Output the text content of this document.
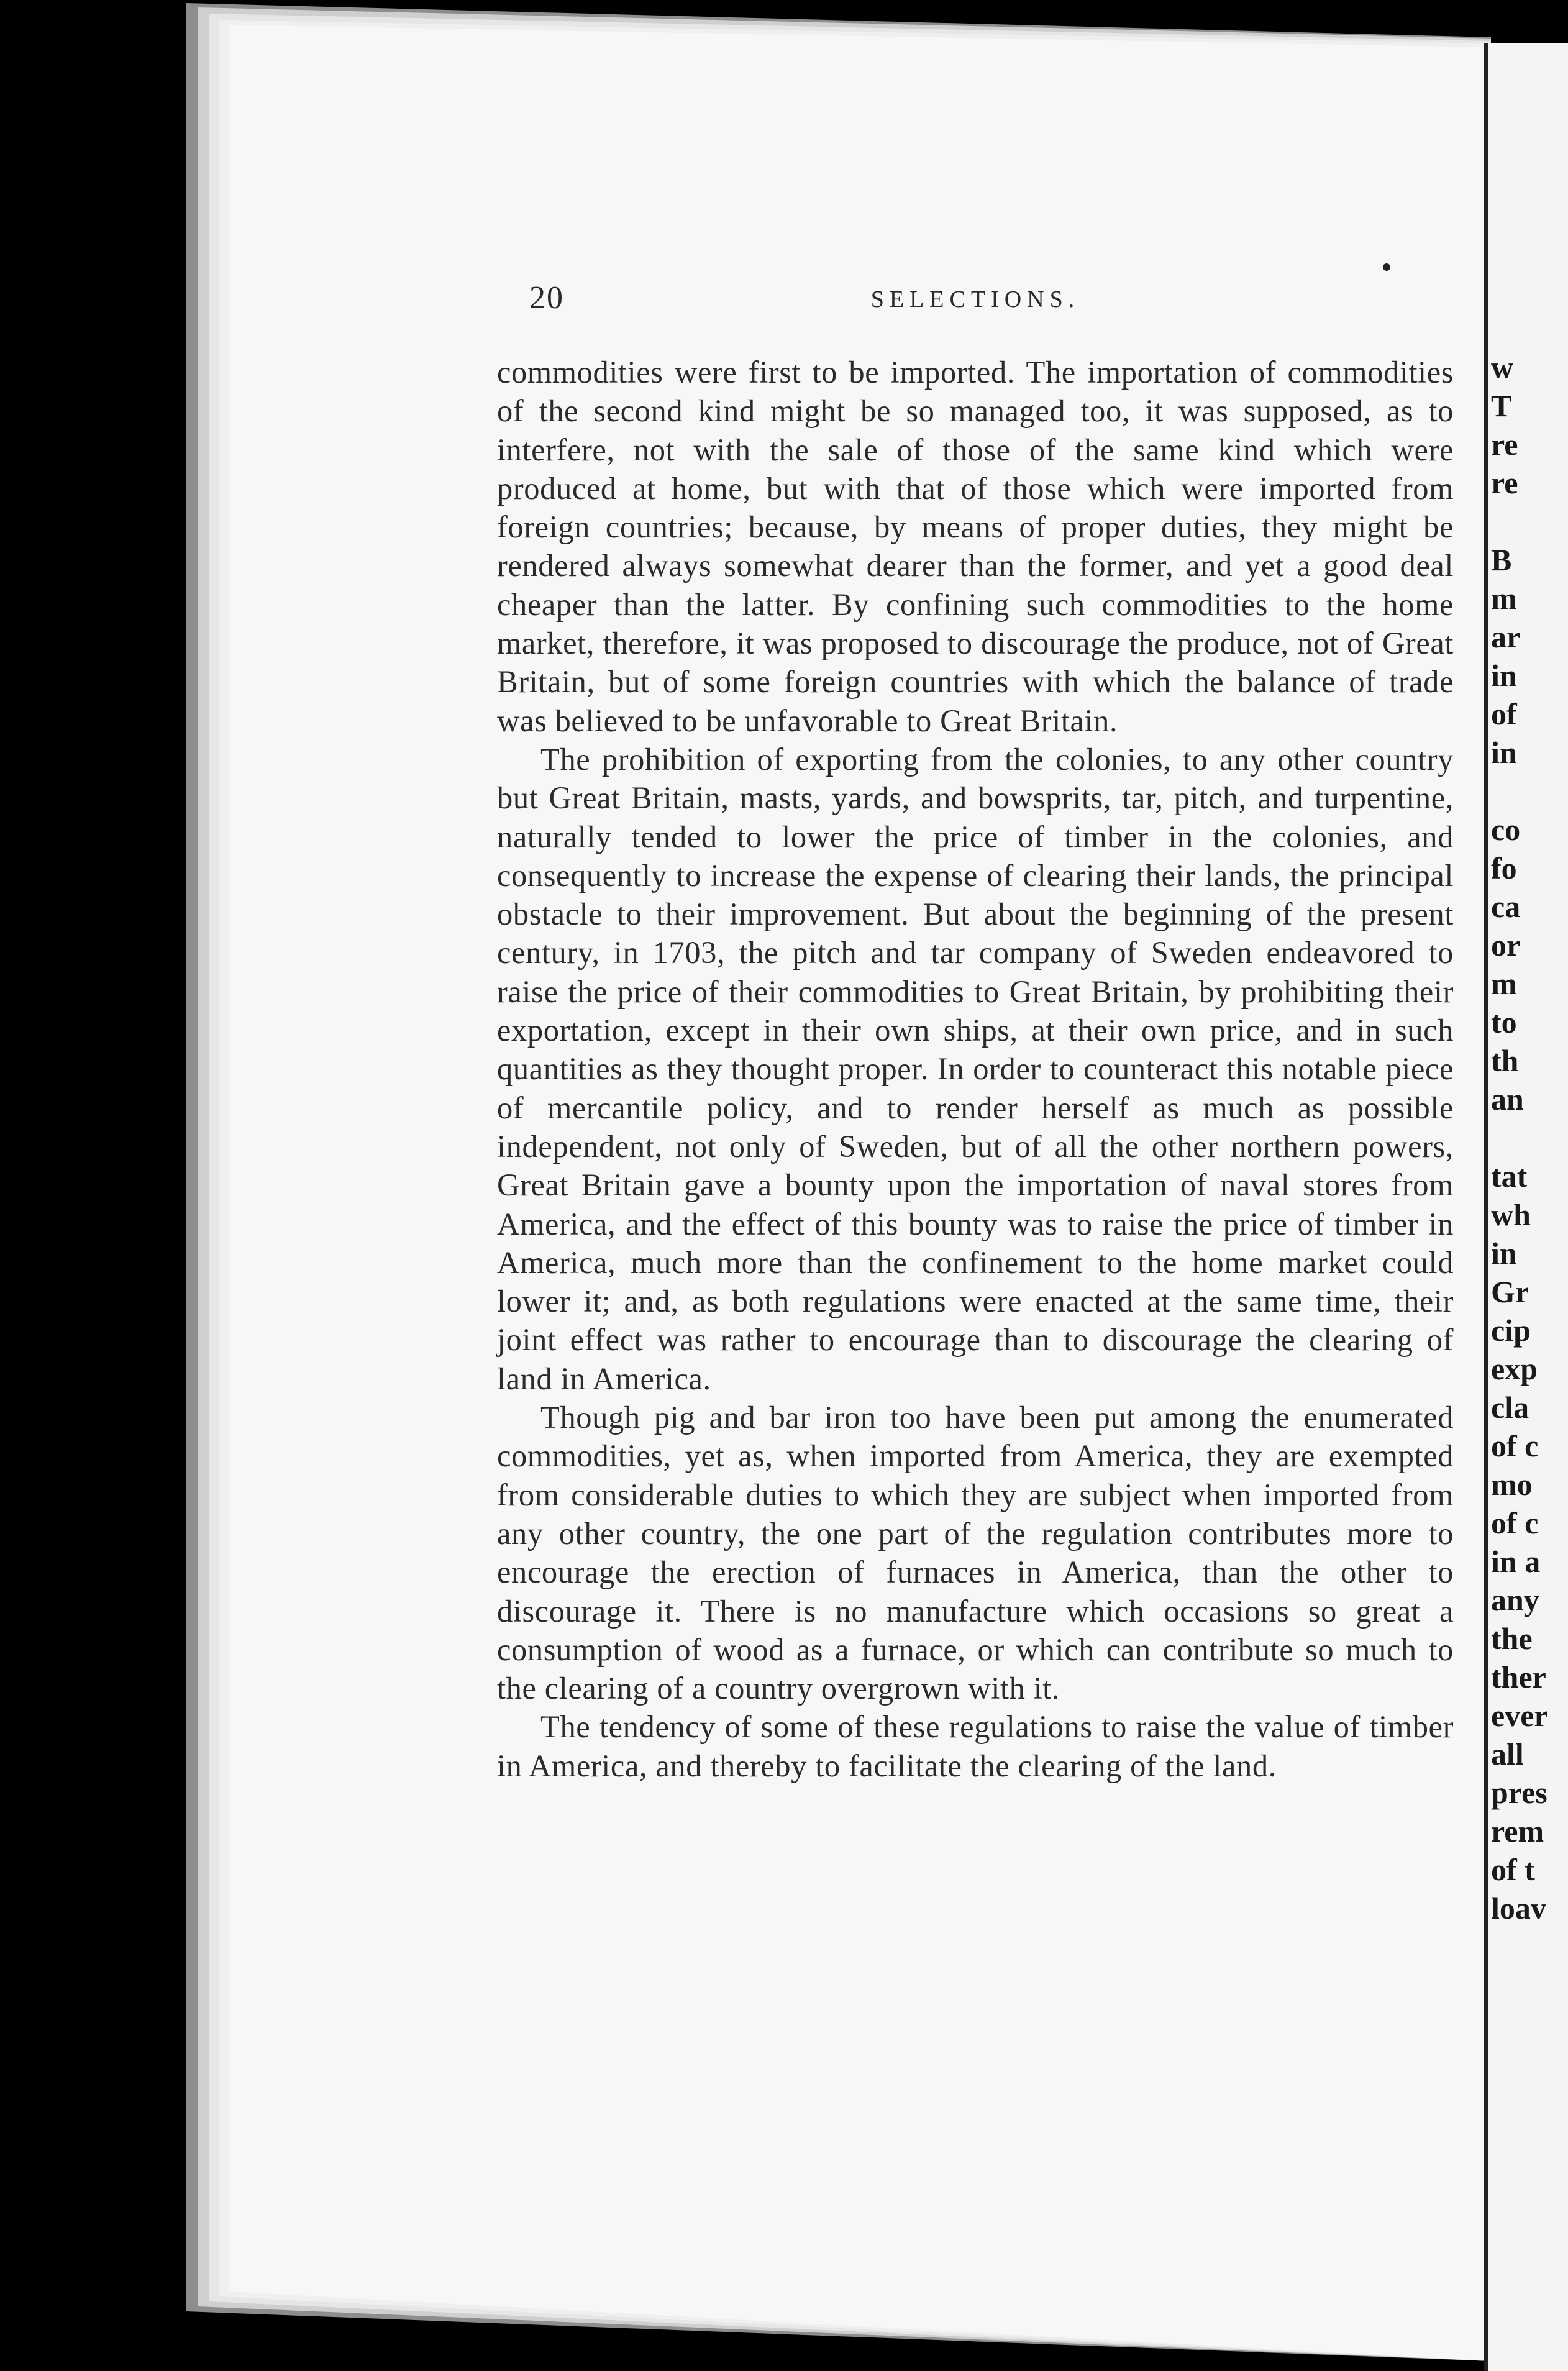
20	SELECTIONS.

commodities were first to be imported. The importation of commodities of the second kind might be so managed too, it was supposed, as to interfere, not with the sale of those of the same kind which were produced at home, but with that of those which were imported from foreign countries; because, by means of proper duties, they might be rendered always somewhat dearer than the former, and yet a good deal cheaper than the latter. By confining such commodities to the home market, therefore, it was proposed to discourage the produce, not of Great Britain, but of some foreign countries with which the balance of trade was believed to be unfavorable to Great Britain.

The prohibition of exporting from the colonies, to any other country but Great Britain, masts, yards, and bowsprits, tar, pitch, and turpentine, naturally tended to lower the price of timber in the colonies, and consequently to increase the expense of clearing their lands, the principal obstacle to their improvement. But about the beginning of the present century, in 1703, the pitch and tar company of Sweden endeavored to raise the price of their commodities to Great Britain, by prohibiting their exportation, except in their own ships, at their own price, and in such quantities as they thought proper. In order to counteract this notable piece of mercantile policy, and to render herself as much as possible independent, not only of Sweden, but of all the other northern powers, Great Britain gave a bounty upon the importation of naval stores from America, and the effect of this bounty was to raise the price of timber in America, much more than the confinement to the home market could lower it; and, as both regulations were enacted at the same time, their joint effect was rather to encourage than to discourage the clearing of land in America.

Though pig and bar iron too have been put among the enumerated commodities, yet as, when imported from America, they are exempted from considerable duties to which they are subject when imported from any other country, the one part of the regulation contributes more to encourage the erection of furnaces in America, than the other to discourage it. There is no manufacture which occasions so great a consumption of wood as a furnace, or which can contribute so much to the clearing of a country overgrown with it.

The tendency of some of these regulations to raise the value of timber in America, and thereby to facilitate the clearing of the land.

w
T
re
re
B
m
ar
in
of
in
co
fo
ca
or
m
to
th
an
tat
wh
in
Gr
cip
exp
cla
of c
mo
of c
in a
any
the
ther
ever
all
pres
rem
of t
loav
